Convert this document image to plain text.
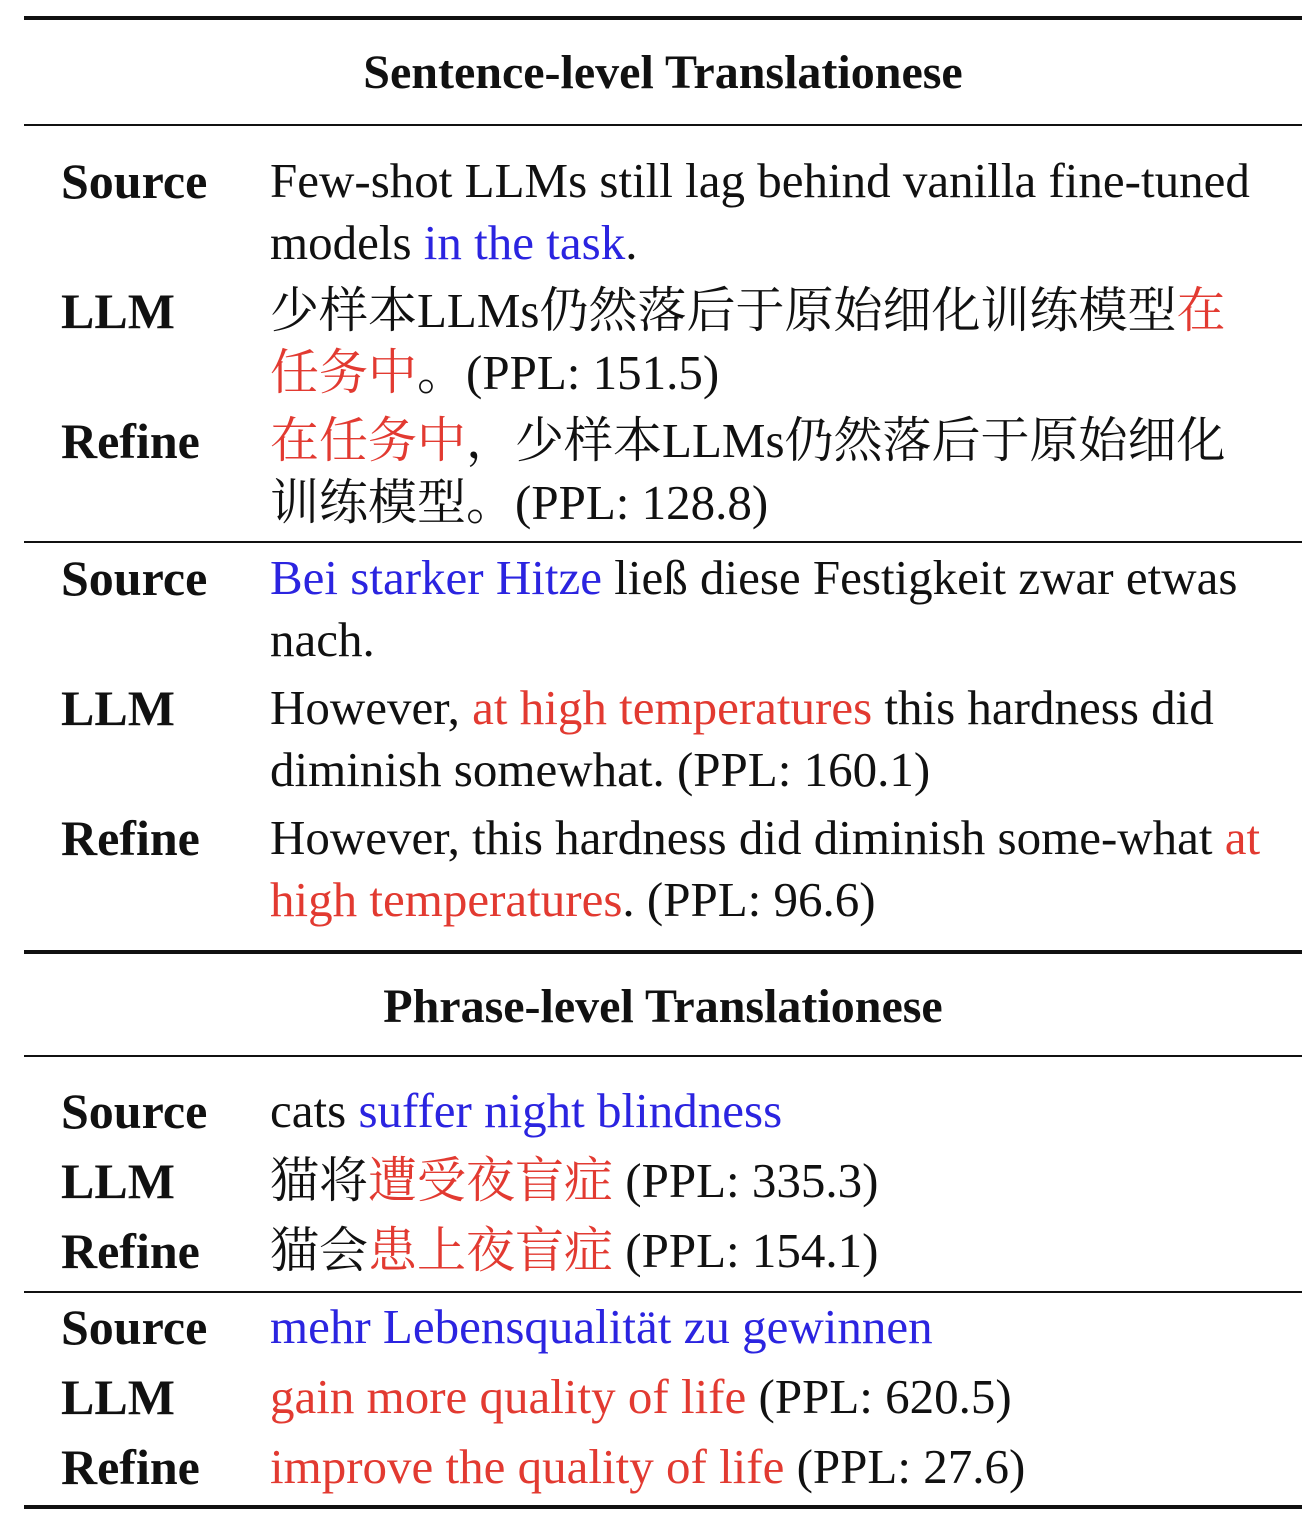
Sentence-level Translationese
Source	Few-shot LLMs still lag behind vanilla fine-tuned models in the task.
LLM	少样本LLMs仍然落后于原始细化训练模型在任务中。(PPL: 151.5)
Refine	在任务中，少样本LLMs仍然落后于原始细化训练模型。(PPL: 128.8)
Source	Bei starker Hitze ließ diese Festigkeit zwar etwas nach.
LLM	However, at high temperatures this hardness did diminish somewhat. (PPL: 160.1)
Refine	However, this hardness did diminish some-what at high temperatures. (PPL: 96.6)
Phrase-level Translationese
Source	cats suffer night blindness
LLM	猫将遭受夜盲症 (PPL: 335.3)
Refine	猫会患上夜盲症 (PPL: 154.1)
Source	mehr Lebensqualität zu gewinnen
LLM	gain more quality of life (PPL: 620.5)
Refine	improve the quality of life (PPL: 27.6)
